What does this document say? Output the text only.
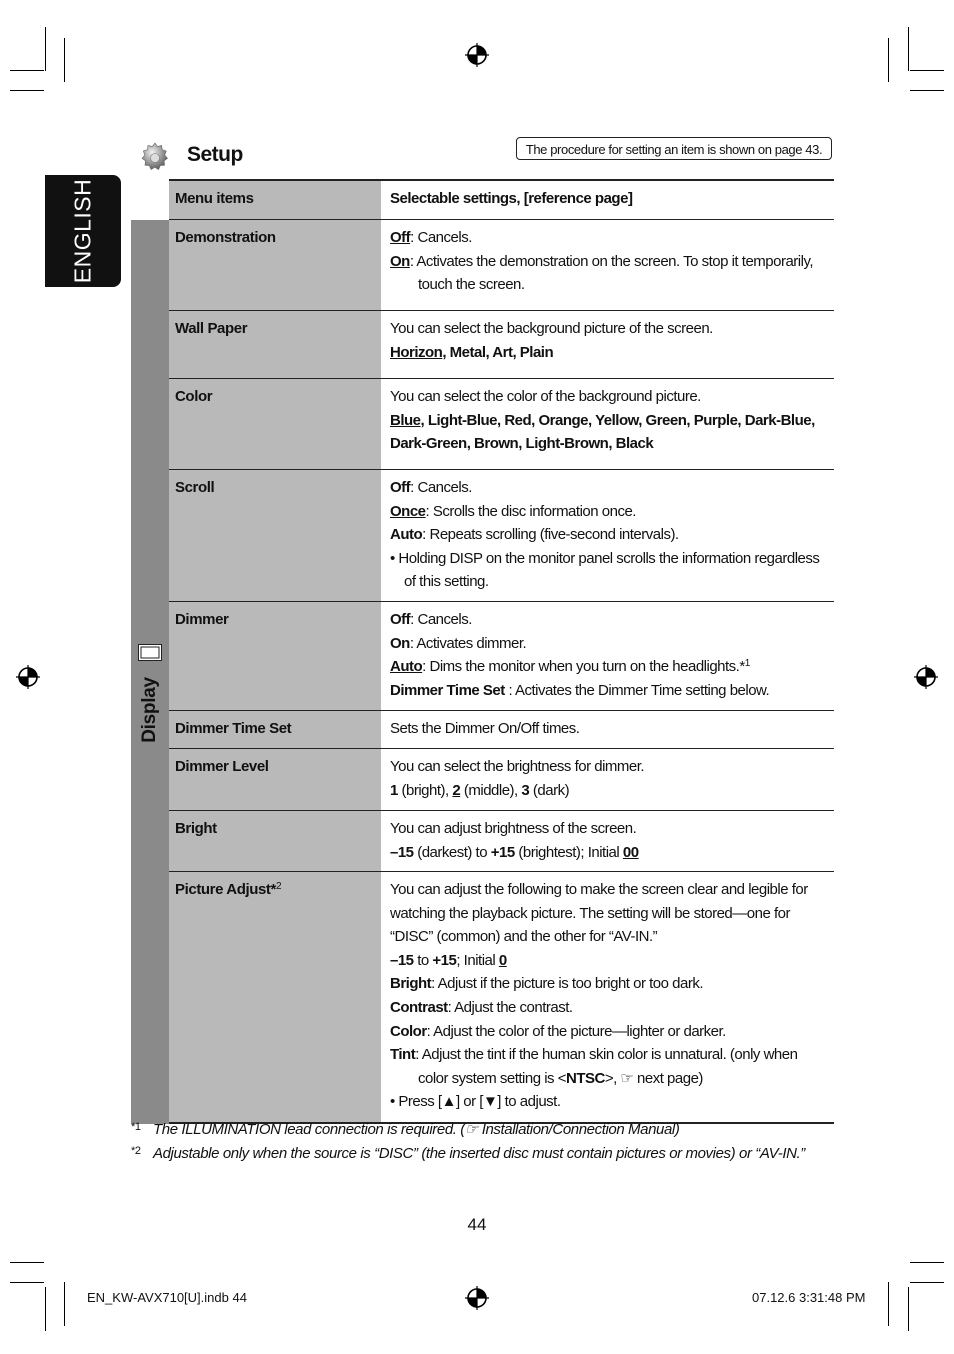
ENGLISH
Setup	The procedure for setting an item is shown on page 43.
Menu items	Selectable settings, [reference page]
Display
Demonstration	Off: Cancels.
On: Activates the demonstration on the screen. To stop it temporarily,
touch the screen.
Wall Paper	You can select the background picture of the screen.
Horizon, Metal, Art, Plain
Color	You can select the color of the background picture.
Blue, Light-Blue, Red, Orange, Yellow, Green, Purple, Dark-Blue, Dark-Green, Brown, Light-Brown, Black
Scroll	Off: Cancels.
Once: Scrolls the disc information once.
Auto: Repeats scrolling (five-second intervals).
• Holding DISP on the monitor panel scrolls the information regardless
of this setting.
Dimmer	Off: Cancels.
On: Activates dimmer.
Auto: Dims the monitor when you turn on the headlights.*$^1$
Dimmer Time Set : Activates the Dimmer Time setting below.
Dimmer Time Set	Sets the Dimmer On/Off times.
Dimmer Level	You can select the brightness for dimmer.
1 (bright), 2 (middle), 3 (dark)
Bright	You can adjust brightness of the screen.
–15 (darkest) to +15 (brightest); Initial 00
Picture Adjust*$^2$	You can adjust the following to make the screen clear and legible for watching the playback picture. The setting will be stored—one for “DISC” (common) and the other for “AV-IN.”
–15 to +15; Initial 0
Bright: Adjust if the picture is too bright or too dark.
Contrast: Adjust the contrast.
Color: Adjust the color of the picture—lighter or darker.
Tint: Adjust the tint if the human skin color is unnatural. (only when
color system setting is <NTSC>, ☞ next page)
• Press [▲] or [▼] to adjust.
*1 The ILLUMINATION lead connection is required. (☞ Installation/Connection Manual)
*2 Adjustable only when the source is “DISC” (the inserted disc must contain pictures or movies) or “AV-IN.”
44
EN_KW-AVX710[U].indb 44	07.12.6 3:31:48 PM
